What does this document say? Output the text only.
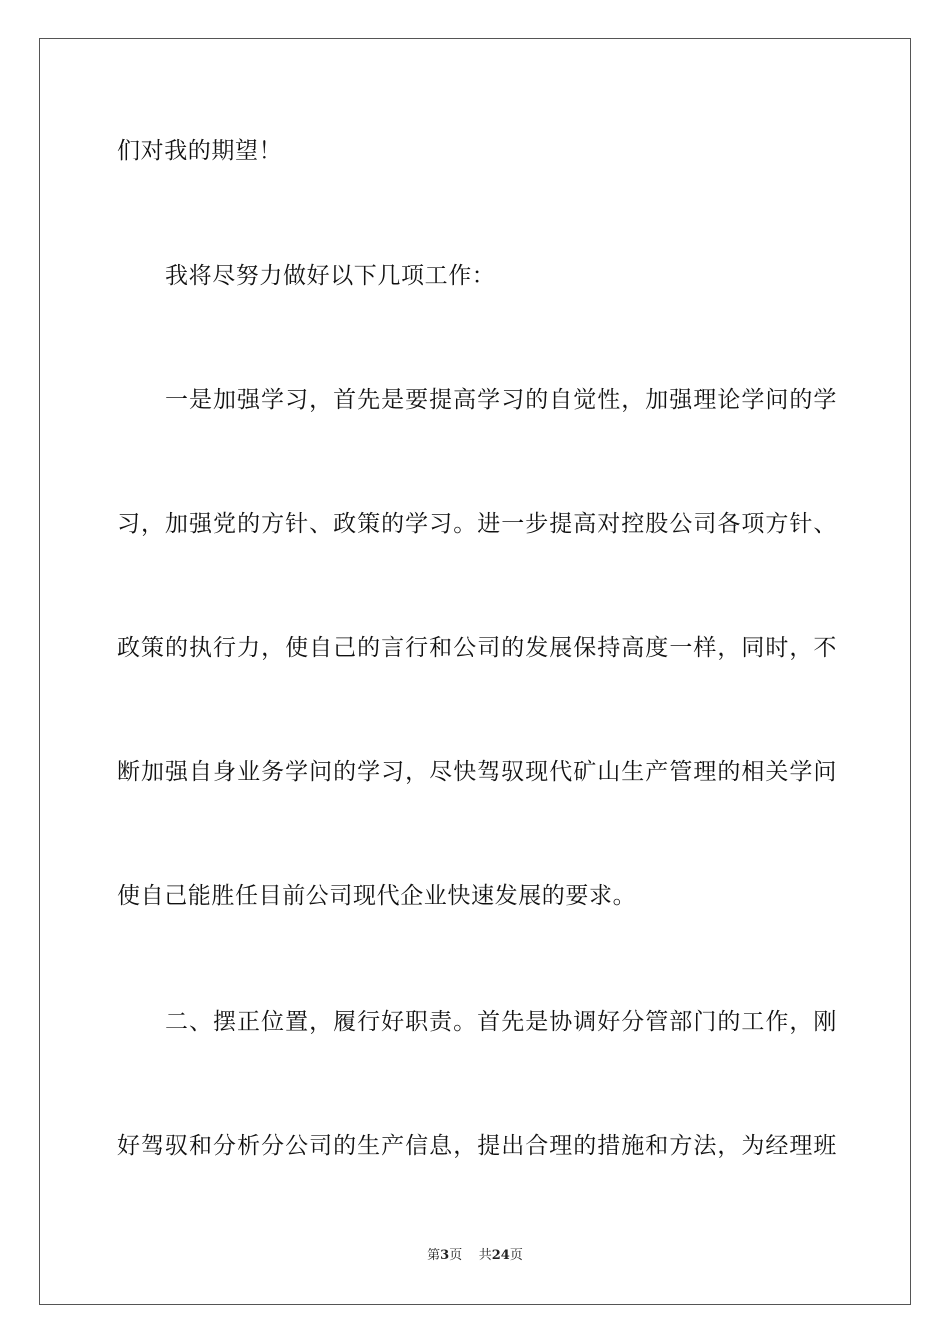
们对我的期望！
我将尽努力做好以下几项工作：
一是加强学习，首先是要提高学习的自觉性，加强理论学问的学
习，加强党的方针、政策的学习。进一步提高对控股公司各项方针、
政策的执行力，使自己的言行和公司的发展保持高度一样，同时，不
断加强自身业务学问的学习，尽快驾驭现代矿山生产管理的相关学问
使自己能胜任目前公司现代企业快速发展的要求。
二、摆正位置，履行好职责。首先是协调好分管部门的工作，刚
好驾驭和分析分公司的生产信息，提出合理的措施和方法，为经理班
第3页 共24页
